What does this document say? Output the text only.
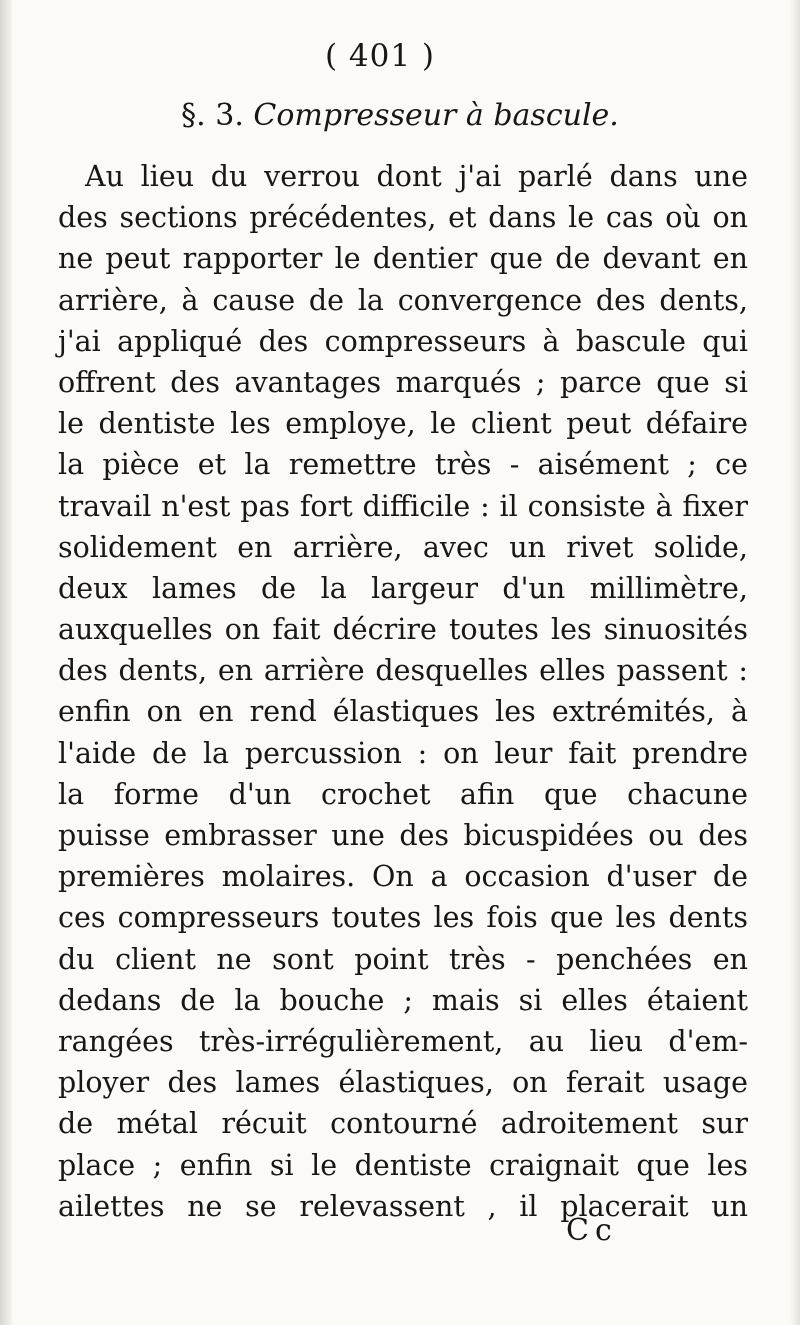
( 401 )
§. 3. Compresseur à bascule.
Au lieu du verrou dont j'ai parlé dans une
des sections précédentes, et dans le cas où on
ne peut rapporter le dentier que de devant en
arrière, à cause de la convergence des dents,
j'ai appliqué des compresseurs à bascule qui
offrent des avantages marqués ; parce que si
le dentiste les employe, le client peut défaire
la pièce et la remettre très - aisément ; ce
travail n'est pas fort difficile : il consiste à fixer
solidement en arrière, avec un rivet solide,
deux lames de la largeur d'un millimètre,
auxquelles on fait décrire toutes les sinuosités
des dents, en arrière desquelles elles passent :
enfin on en rend élastiques les extrémités, à
l'aide de la percussion : on leur fait prendre
la forme d'un crochet afin que chacune
puisse embrasser une des bicuspidées ou des
premières molaires. On a occasion d'user de
ces compresseurs toutes les fois que les dents
du client ne sont point très - penchées en
dedans de la bouche ; mais si elles étaient
rangées très-irrégulièrement, au lieu d'em-
ployer des lames élastiques, on ferait usage
de métal récuit contourné adroitement sur
place ; enfin si le dentiste craignait que les
ailettes ne se relevassent , il placerait un
Cc
